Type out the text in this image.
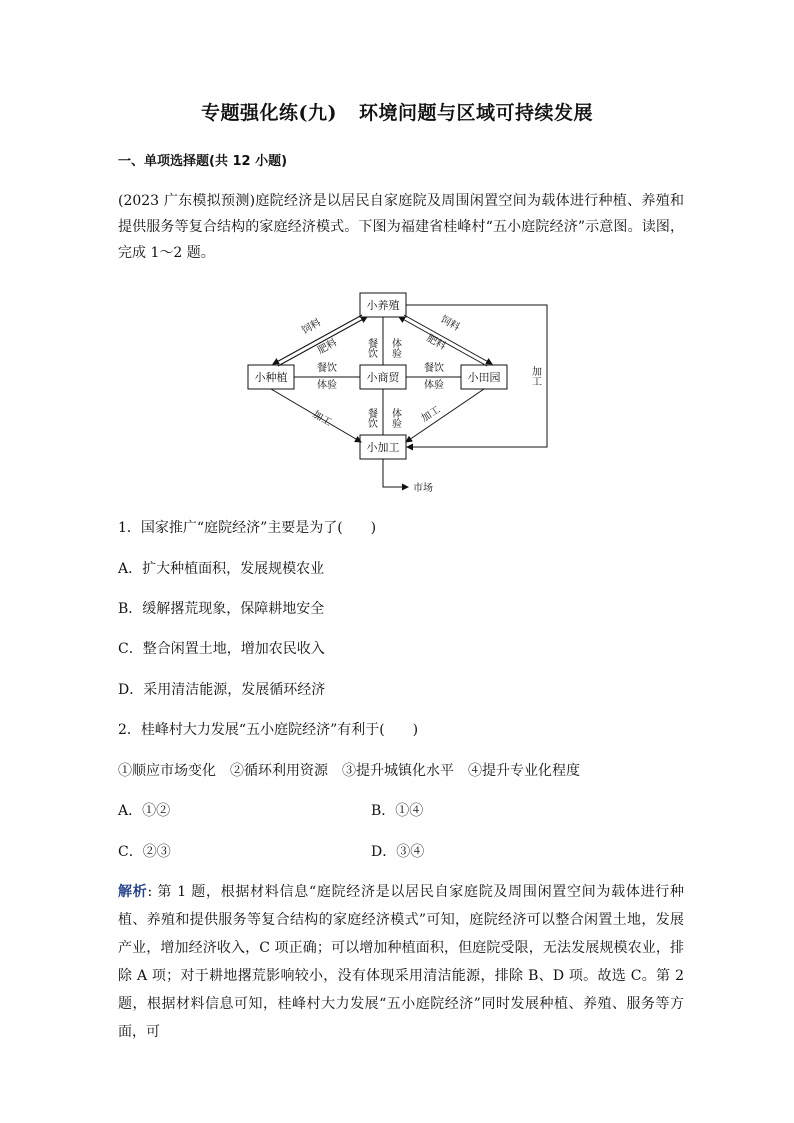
专题强化练(九) 环境问题与区域可持续发展
一、单项选择题(共 12 小题)
(2023 广东模拟预测)庭院经济是以居民自家庭院及周围闲置空间为载体进行种植、养殖和提供服务等复合结构的家庭经济模式。下图为福建省桂峰村“五小庭院经济”示意图。读图，完成 1～2 题。
小养殖
小种植	小商贸	小田园
小加工
饲料
肥料
饲料
肥料
餐饮 体验
餐饮 体验
餐饮
体验
餐饮
体验
加工	加工
加工
市场
1．国家推广“庭院经济”主要是为了(　　)
A．扩大种植面积，发展规模农业
B．缓解撂荒现象，保障耕地安全
C．整合闲置土地，增加农民收入
D．采用清洁能源，发展循环经济
2．桂峰村大力发展“五小庭院经济”有利于(　　)
①顺应市场变化　②循环利用资源　③提升城镇化水平　④提升专业化程度
A．①②	B．①④
C．②③	D．③④
解析: 第 1 题，根据材料信息“庭院经济是以居民自家庭院及周围闲置空间为载体进行种植、养殖和提供服务等复合结构的家庭经济模式”可知，庭院经济可以整合闲置土地，发展产业，增加经济收入，C 项正确；可以增加种植面积，但庭院受限，无法发展规模农业，排除 A 项；对于耕地撂荒影响较小，没有体现采用清洁能源，排除 B、D 项。故选 C。第 2 题，根据材料信息可知，桂峰村大力发展“五小庭院经济”同时发展种植、养殖、服务等方面，可
